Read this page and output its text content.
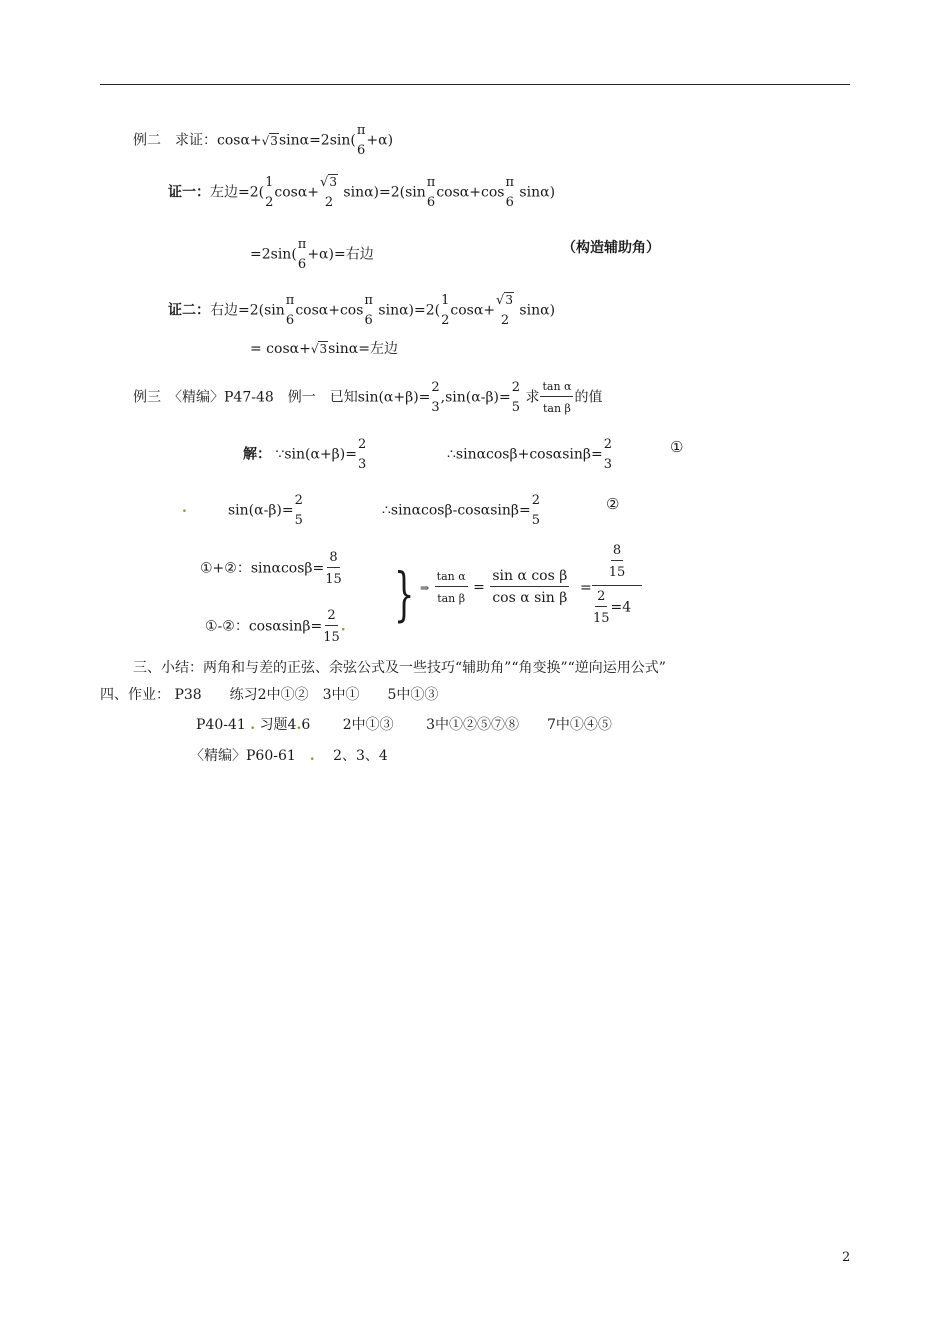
例二　求证：cosα+√3sinα=2sin(
π
6
+α)
证一：左边=2(
1
2
cosα+
√3
2
sinα)=2(sin
π
6
cosα+cos
π
6
sinα)
=2sin(
π
6
+α)=右边	（构造辅助角）
证二：右边=2(sin
π
6
cosα+cos
π
6
sinα)=2(
1
2
cosα+
√3
2
sinα)
= cosα+√3sinα=左边
例三　〈精编〉P47-48　例一　已知sin(α+β)=
2
3
,sin(α-β)=
2
5
求 $\frac{\text{tan α}}{\text{tan β}}$ 的值
解： ∵sin(α+β)=
2
3
∴sinαcosβ+cosαsinβ=
2
3
①
.	sin(α-β)=
2
5
∴sinαcosβ-cosαsinβ=
2
5
②
①+②：$\sin\alpha\cos\beta= \frac{8}{15}$
①-②：$\cos\alpha\sin\beta= \frac{2}{15}$ . } ⇒ $\frac{\text{tan α}}{\text{tan β}} = \frac{\text{sin α cos β}}{\text{cos α sin β}} = \frac{\frac{8}{15}}{\frac{2}{15} =4}$
三、小结：两角和与差的正弦、余弦公式及一些技巧“辅助角”“角变换”“逆向运用公式”
四、作业： P38　　练习2中①②　3中①　　5中①③
P40-41 . 习题4.6　　 2中①③　　 3中①②⑤⑦⑧　　7中①④⑤
〈精编〉P60-61　 .　 2、3、4
2
